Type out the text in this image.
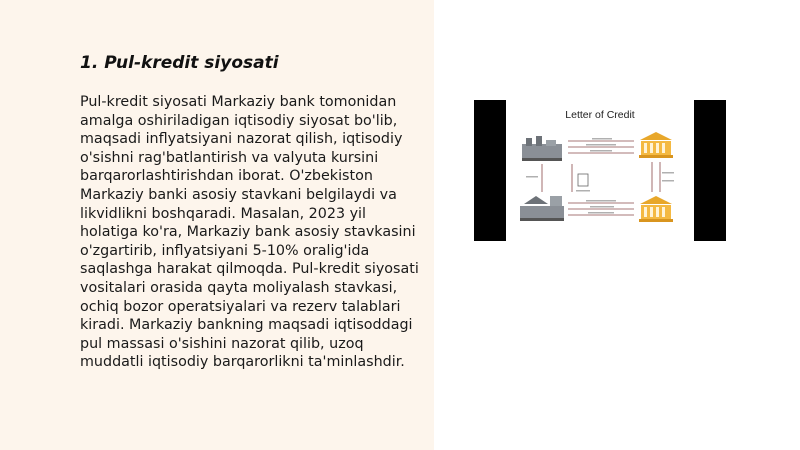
1. Pul-kredit siyosati

Pul-kredit siyosati Markaziy bank tomonidan amalga oshiriladigan iqtisodiy siyosat bo'lib, maqsadi inflyatsiyani nazorat qilish, iqtisodiy o'sishni rag'batlantirish va valyuta kursini barqarorlashtirishdan iborat. O'zbekiston Markaziy banki asosiy stavkani belgilaydi va likvidlikni boshqaradi. Masalan, 2023 yil holatiga ko'ra, Markaziy bank asosiy stavkasini o'zgartirib, inflyatsiyani 5-10% oralig'ida saqlashga harakat qilmoqda. Pul-kredit siyosati vositalari orasida qayta moliyalash stavkasi, ochiq bozor operatsiyalari va rezerv talablari kiradi. Markaziy bankning maqsadi iqtisoddagi pul massasi o'sishini nazorat qilib, uzoq muddatli iqtisodiy barqarorlikni ta'minlashdir.

Letter of Credit
